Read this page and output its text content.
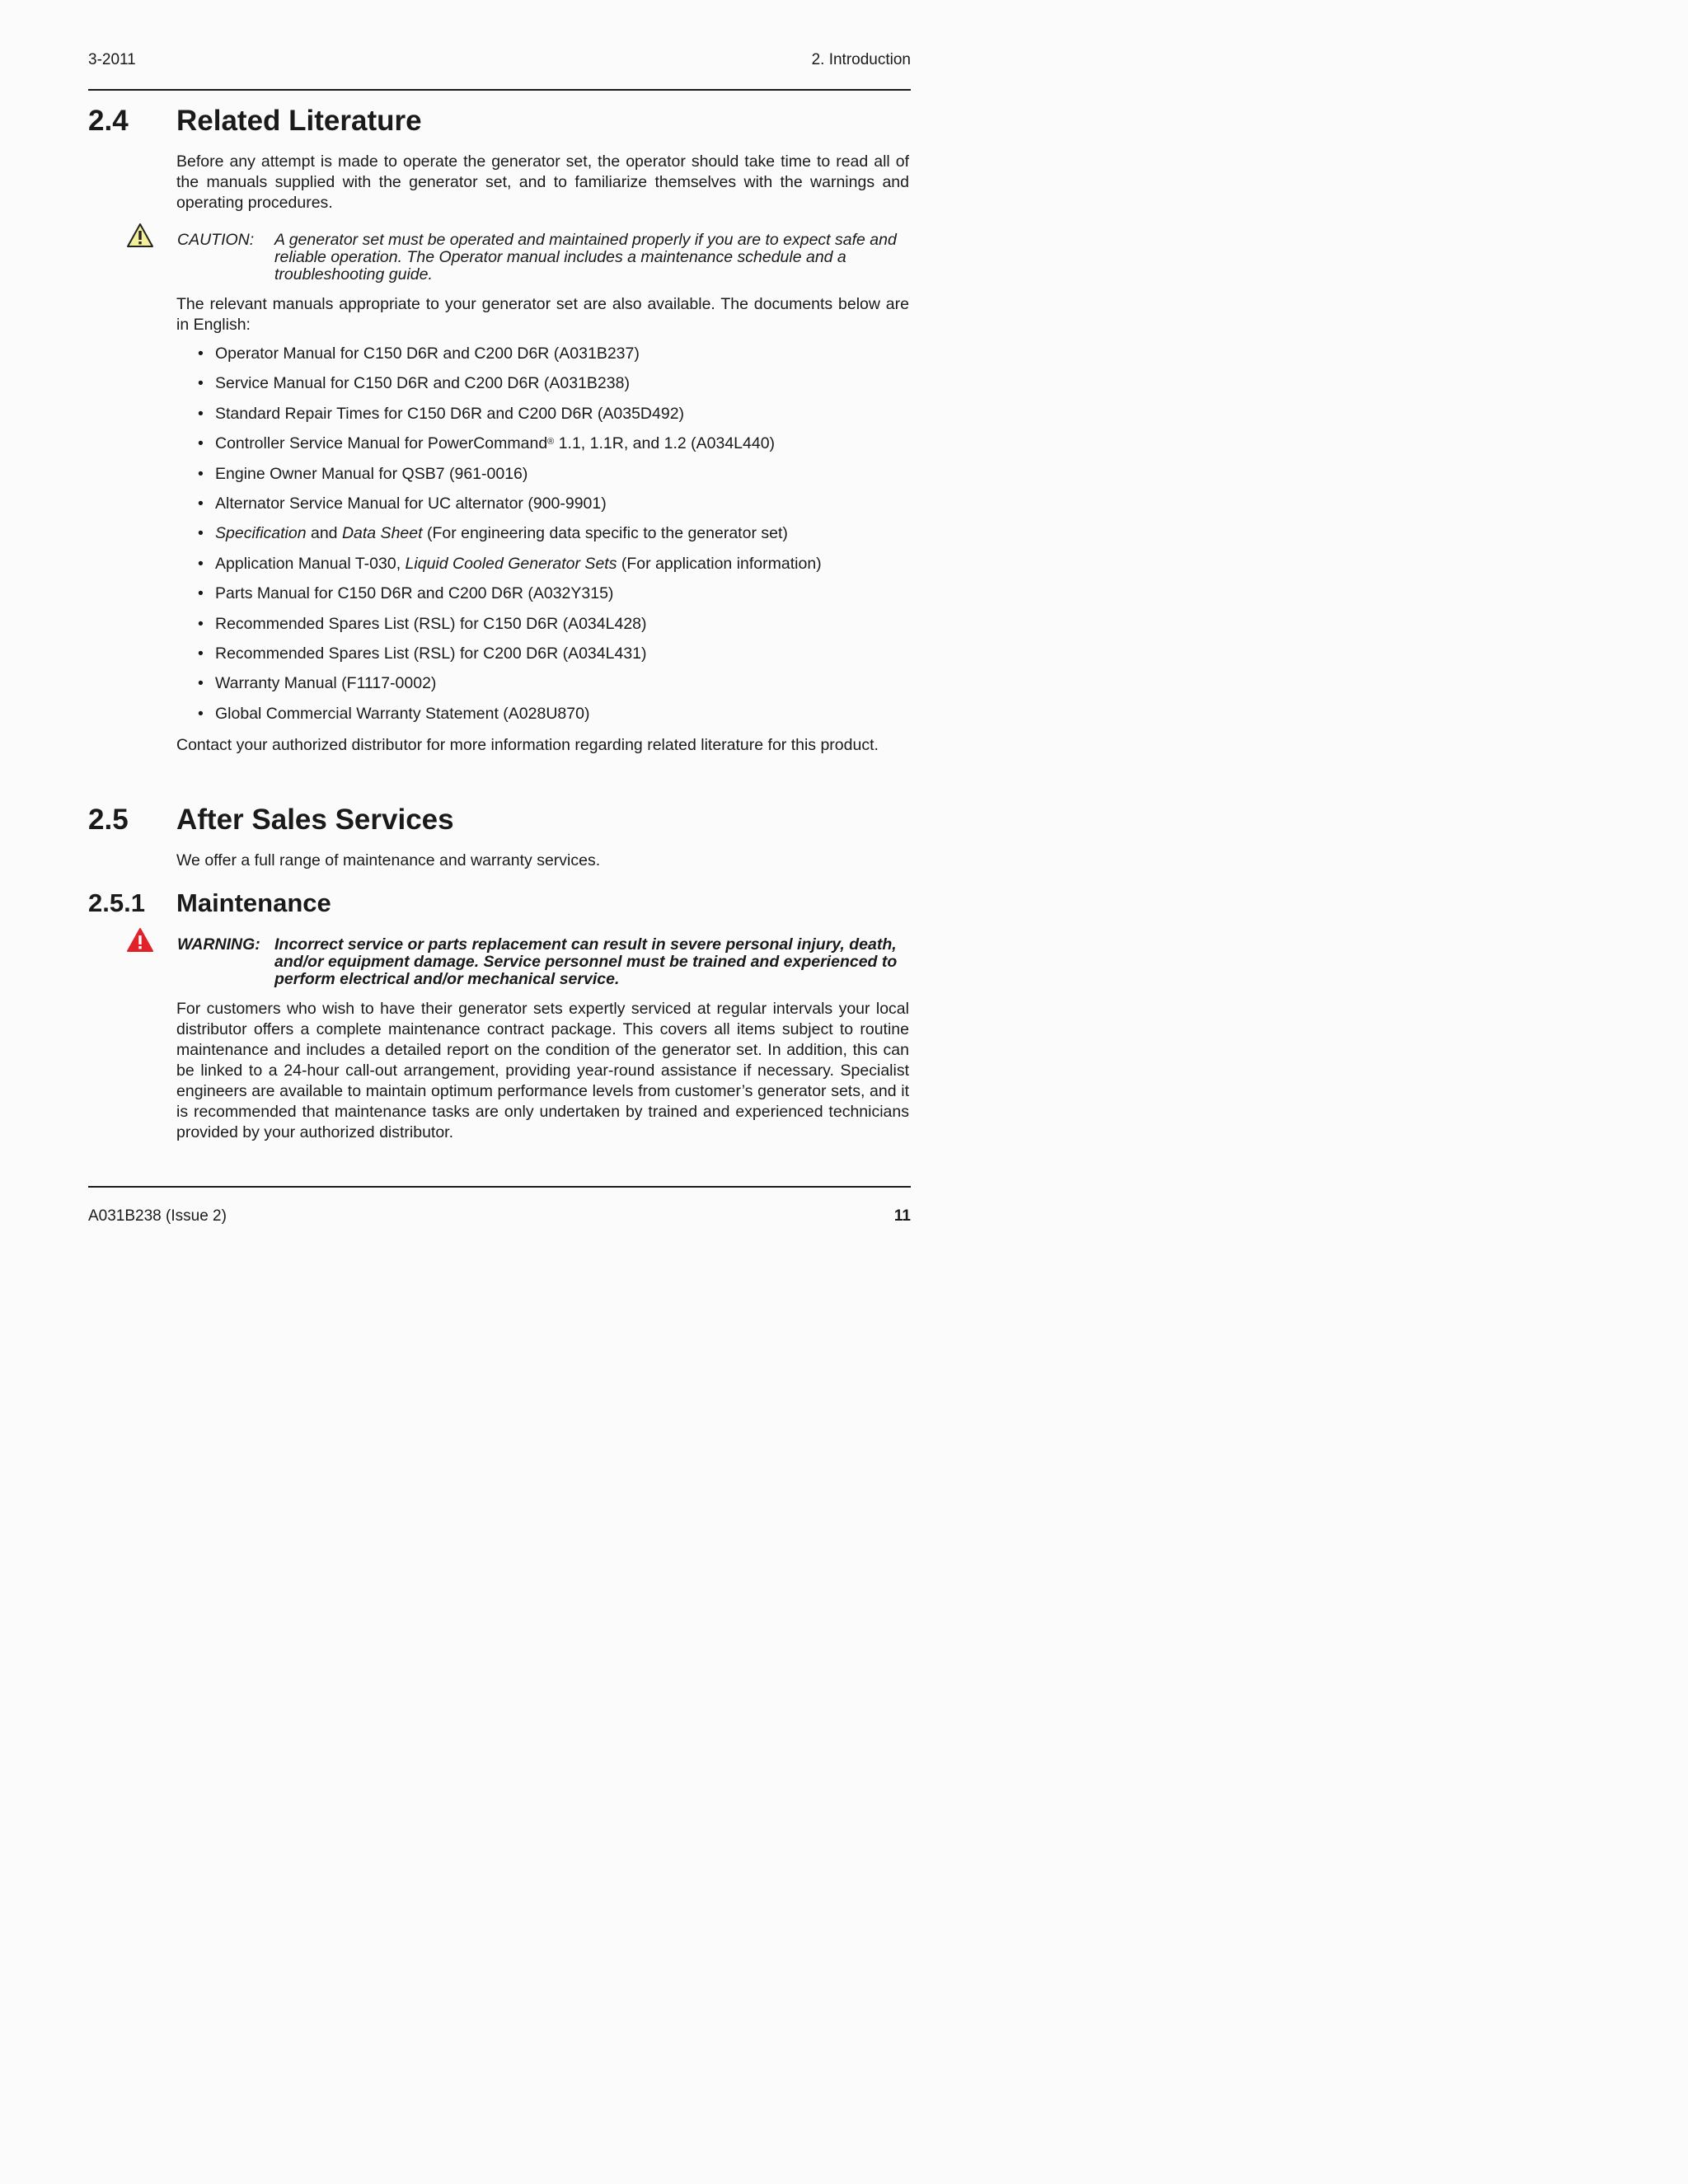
3-2011	2. Introduction
2.4 Related Literature
Before any attempt is made to operate the generator set, the operator should take time to read all of the manuals supplied with the generator set, and to familiarize themselves with the warnings and operating procedures.
CAUTION: A generator set must be operated and maintained properly if you are to expect safe and reliable operation. The Operator manual includes a maintenance schedule and a troubleshooting guide.
The relevant manuals appropriate to your generator set are also available. The documents below are in English:
• Operator Manual for C150 D6R and C200 D6R (A031B237)
• Service Manual for C150 D6R and C200 D6R (A031B238)
• Standard Repair Times for C150 D6R and C200 D6R (A035D492)
• Controller Service Manual for PowerCommand® 1.1, 1.1R, and 1.2 (A034L440)
• Engine Owner Manual for QSB7 (961-0016)
• Alternator Service Manual for UC alternator (900-9901)
• Specification and Data Sheet (For engineering data specific to the generator set)
• Application Manual T-030, Liquid Cooled Generator Sets (For application information)
• Parts Manual for C150 D6R and C200 D6R (A032Y315)
• Recommended Spares List (RSL) for C150 D6R (A034L428)
• Recommended Spares List (RSL) for C200 D6R (A034L431)
• Warranty Manual (F1117-0002)
• Global Commercial Warranty Statement (A028U870)
Contact your authorized distributor for more information regarding related literature for this product.
2.5 After Sales Services
We offer a full range of maintenance and warranty services.
2.5.1 Maintenance
WARNING: Incorrect service or parts replacement can result in severe personal injury, death, and/or equipment damage. Service personnel must be trained and experienced to perform electrical and/or mechanical service.
For customers who wish to have their generator sets expertly serviced at regular intervals your local distributor offers a complete maintenance contract package. This covers all items subject to routine maintenance and includes a detailed report on the condition of the generator set. In addition, this can be linked to a 24-hour call-out arrangement, providing year-round assistance if necessary. Specialist engineers are available to maintain optimum performance levels from customer’s generator sets, and it is recommended that maintenance tasks are only undertaken by trained and experienced technicians provided by your authorized distributor.
A031B238 (Issue 2)	11
